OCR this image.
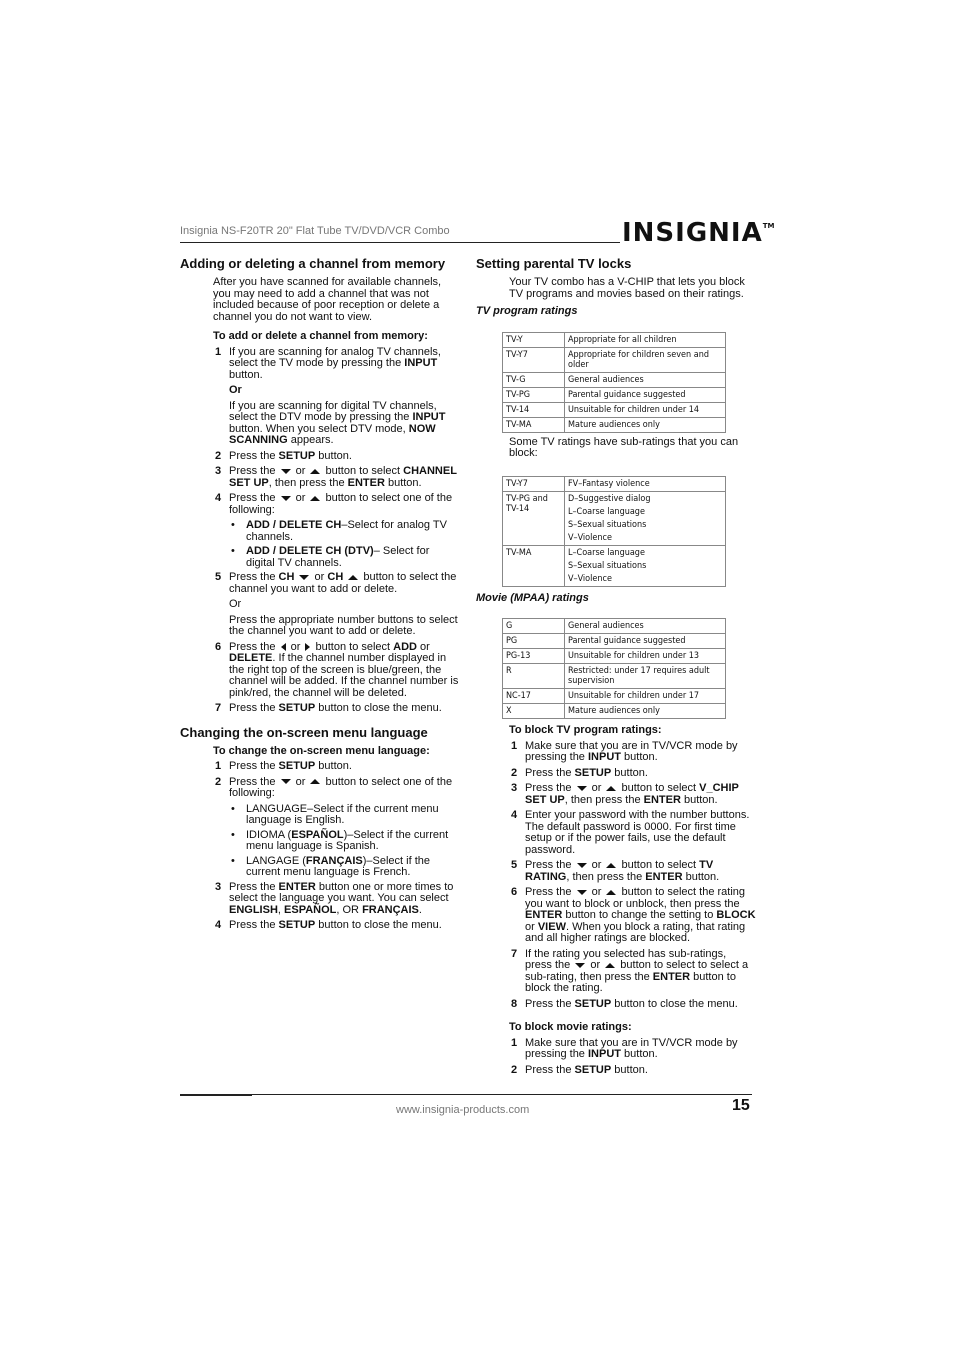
Insignia NS-F20TR 20" Flat Tube TV/DVD/VCR Combo	INSIGNIA™
Adding or deleting a channel from memory
After you have scanned for available channels, you may need to add a channel that was not included because of poor reception or delete a channel you do not want to view.
To add or delete a channel from memory:
1 If you are scanning for analog TV channels, select the TV mode by pressing the INPUT button.
Or
If you are scanning for digital TV channels, select the DTV mode by pressing the INPUT button. When you select DTV mode, NOW SCANNING appears.
2 Press the SETUP button.
3 Press the  or  button to select CHANNEL SET UP, then press the ENTER button.
4 Press the  or  button to select one of the following:
• ADD / DELETE CH–Select for analog TV channels.
• ADD / DELETE CH (DTV)– Select for digital TV channels.
5 Press the CH  or CH  button to select the channel you want to add or delete.
Or
Press the appropriate number buttons to select the channel you want to add or delete.
6 Press the  or  button to select ADD or DELETE. If the channel number displayed in the right top of the screen is blue/green, the channel will be added. If the channel number is pink/red, the channel will be deleted.
7 Press the SETUP button to close the menu.
Changing the on-screen menu language
To change the on-screen menu language:
1 Press the SETUP button.
2 Press the  or  button to select one of the following:
• LANGUAGE–Select if the current menu language is English.
• IDIOMA (ESPAÑOL)–Select if the current menu language is Spanish.
• LANGAGE (FRANÇAIS)–Select if the current menu language is French.
3 Press the ENTER button one or more times to select the language you want. You can select ENGLISH, ESPAÑOL, OR FRANÇAIS.
4 Press the SETUP button to close the menu.
Setting parental TV locks
Your TV combo has a V-CHIP that lets you block TV programs and movies based on their ratings.
TV program ratings
TV-Y	Appropriate for all children
TV-Y7	Appropriate for children seven and older
TV-G	General audiences
TV-PG	Parental guidance suggested
TV-14	Unsuitable for children under 14
TV-MA	Mature audiences only
Some TV ratings have sub-ratings that you can block:
TV-Y7	FV–Fantasy violence

TV-PG and TV-14	D–Suggestive dialog
L–Coarse language
S–Sexual situations
V–Violence

TV-MA	L–Coarse language
S–Sexual situations
V–Violence
Movie (MPAA) ratings
G	General audiences
PG	Parental guidance suggested
PG-13	Unsuitable for children under 13
R	Restricted: under 17 requires adult supervision
NC-17	Unsuitable for children under 17
X	Mature audiences only
To block TV program ratings:
1 Make sure that you are in TV/VCR mode by pressing the INPUT button.
2 Press the SETUP button.
3 Press the  or  button to select V_CHIP SET UP, then press the ENTER button.
4 Enter your password with the number buttons. The default password is 0000. For first time setup or if the power fails, use the default password.
5 Press the  or  button to select TV RATING, then press the ENTER button.
6 Press the  or  button to select the rating you want to block or unblock, then press the ENTER button to change the setting to BLOCK or VIEW. When you block a rating, that rating and all higher ratings are blocked.
7 If the rating you selected has sub-ratings, press the  or  button to select to select a sub-rating, then press the ENTER button to block the rating.
8 Press the SETUP button to close the menu.
To block movie ratings:
1 Make sure that you are in TV/VCR mode by pressing the INPUT button.
2 Press the SETUP button.
www.insignia-products.com	15
